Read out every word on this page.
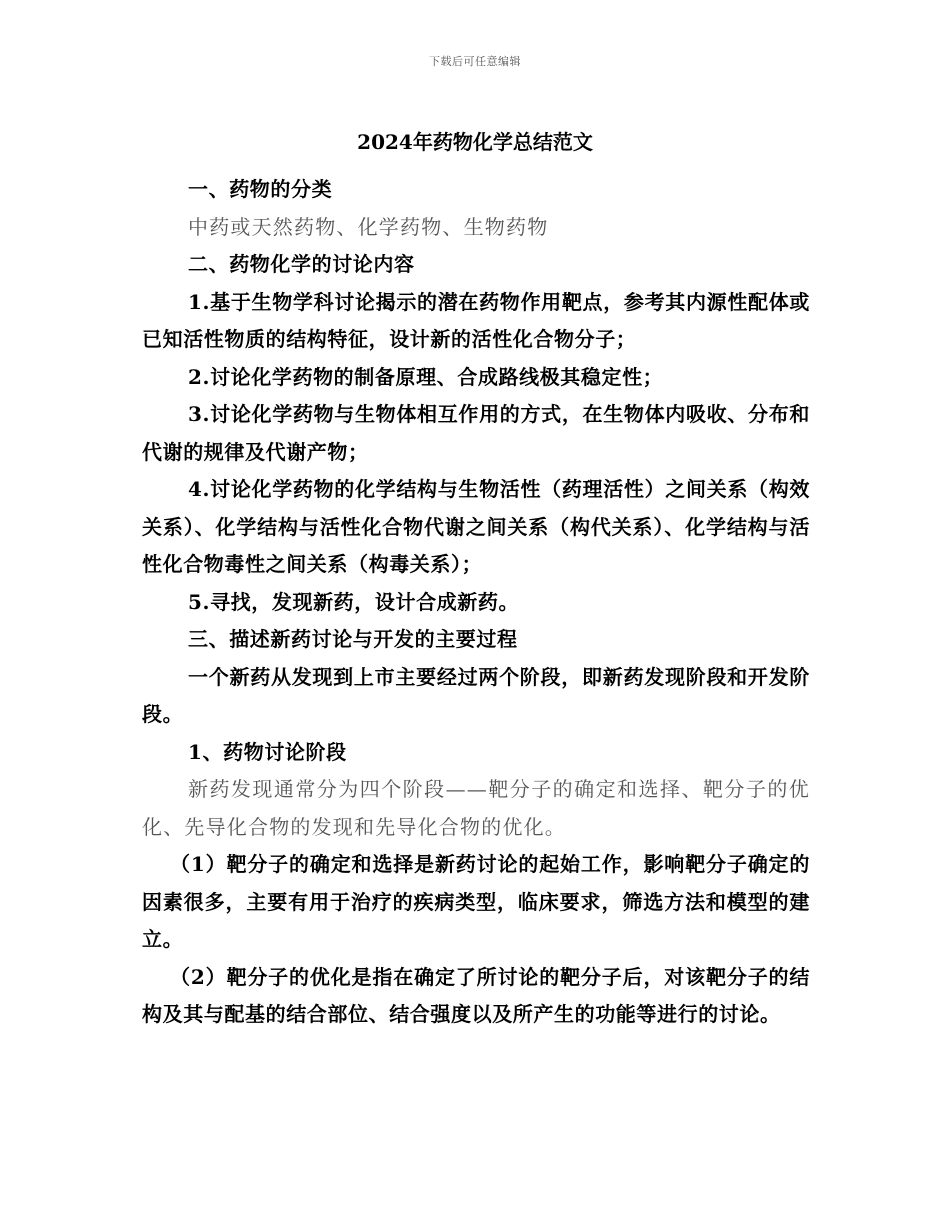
下载后可任意编辑
2024年药物化学总结范文

一、药物的分类

中药或天然药物、化学药物、生物药物

二、药物化学的讨论内容

1.基于生物学科讨论揭示的潜在药物作用靶点，参考其内源性配体或已知活性物质的结构特征，设计新的活性化合物分子；

2.讨论化学药物的制备原理、合成路线极其稳定性；

3.讨论化学药物与生物体相互作用的方式，在生物体内吸收、分布和代谢的规律及代谢产物；

4.讨论化学药物的化学结构与生物活性（药理活性）之间关系（构效关系）、化学结构与活性化合物代谢之间关系（构代关系）、化学结构与活性化合物毒性之间关系（构毒关系）；

5.寻找，发现新药，设计合成新药。

三、描述新药讨论与开发的主要过程

一个新药从发现到上市主要经过两个阶段，即新药发现阶段和开发阶段。

1、药物讨论阶段

新药发现通常分为四个阶段——靶分子的确定和选择、靶分子的优化、先导化合物的发现和先导化合物的优化。

（1）靶分子的确定和选择是新药讨论的起始工作，影响靶分子确定的因素很多，主要有用于治疗的疾病类型，临床要求，筛选方法和模型的建立。

（2）靶分子的优化是指在确定了所讨论的靶分子后，对该靶分子的结构及其与配基的结合部位、结合强度以及所产生的功能等进行的讨论。
